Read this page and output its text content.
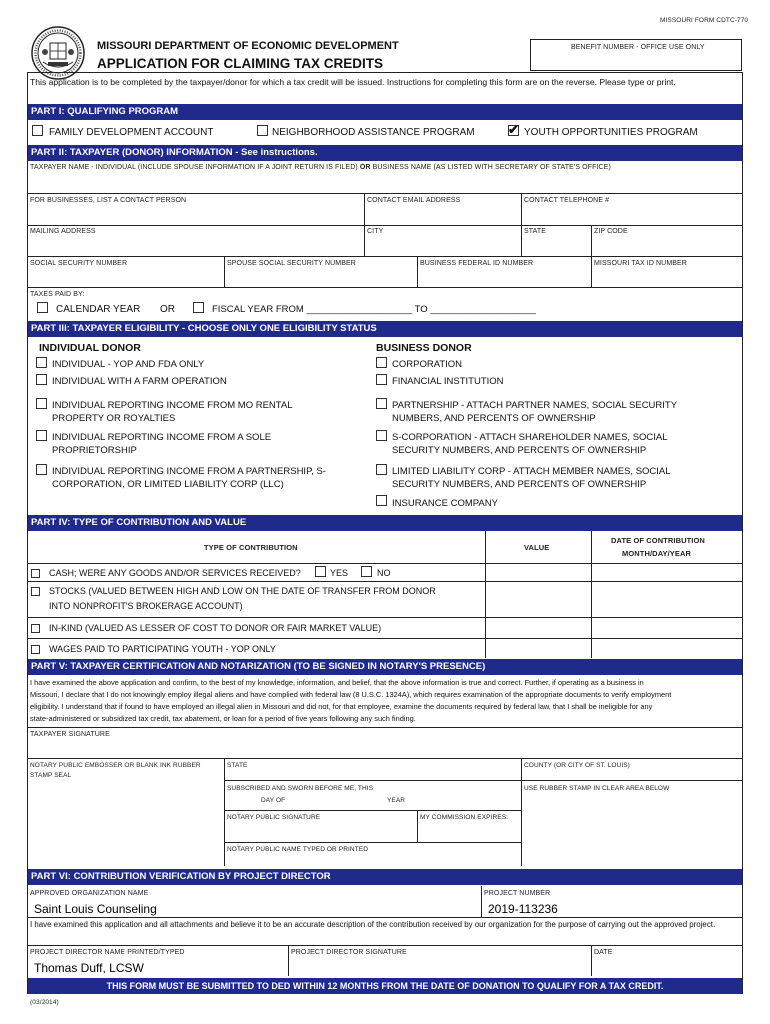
MISSOURI FORM CDTC-770
MISSOURI DEPARTMENT OF ECONOMIC DEVELOPMENT
APPLICATION FOR CLAIMING TAX CREDITS
BENEFIT NUMBER - OFFICE USE ONLY
This application is to be completed by the taxpayer/donor for which a tax credit will be issued. Instructions for completing this form are on the reverse. Please type or print.
PART I: QUALIFYING PROGRAM
FAMILY DEVELOPMENT ACCOUNT	NEIGHBORHOOD ASSISTANCE PROGRAM	✔ YOUTH OPPORTUNITIES PROGRAM
PART II: TAXPAYER (DONOR) INFORMATION - See instructions.
TAXPAYER NAME - INDIVIDUAL (INCLUDE SPOUSE INFORMATION IF A JOINT RETURN IS FILED) OR BUSINESS NAME (AS LISTED WITH SECRETARY OF STATE'S OFFICE)
FOR BUSINESSES, LIST A CONTACT PERSON	CONTACT EMAIL ADDRESS	CONTACT TELEPHONE #
MAILING ADDRESS	CITY	STATE	ZIP CODE
SOCIAL SECURITY NUMBER	SPOUSE SOCIAL SECURITY NUMBER	BUSINESS FEDERAL ID NUMBER	MISSOURI TAX ID NUMBER
TAXES PAID BY:
CALENDAR YEAR OR	FISCAL YEAR FROM ____________________ TO ____________________
PART III: TAXPAYER ELIGIBILITY - CHOOSE ONLY ONE ELIGIBILITY STATUS
INDIVIDUAL DONOR	BUSINESS DONOR
INDIVIDUAL - YOP AND FDA ONLY
INDIVIDUAL WITH A FARM OPERATION
INDIVIDUAL REPORTING INCOME FROM MO RENTAL PROPERTY OR ROYALTIES
INDIVIDUAL REPORTING INCOME FROM A SOLE PROPRIETORSHIP
INDIVIDUAL REPORTING INCOME FROM A PARTNERSHIP, S-CORPORATION, OR LIMITED LIABILITY CORP (LLC)
CORPORATION
FINANCIAL INSTITUTION
PARTNERSHIP - ATTACH PARTNER NAMES, SOCIAL SECURITY NUMBERS, AND PERCENTS OF OWNERSHIP
S-CORPORATION - ATTACH SHAREHOLDER NAMES, SOCIAL SECURITY NUMBERS, AND PERCENTS OF OWNERSHIP
LIMITED LIABILITY CORP - ATTACH MEMBER NAMES, SOCIAL SECURITY NUMBERS, AND PERCENTS OF OWNERSHIP
INSURANCE COMPANY
PART IV: TYPE OF CONTRIBUTION AND VALUE
TYPE OF CONTRIBUTION	VALUE
DATE OF CONTRIBUTION
MONTH/DAY/YEAR
CASH; WERE ANY GOODS AND/OR SERVICES RECEIVED?	YES	NO
STOCKS (VALUED BETWEEN HIGH AND LOW ON THE DATE OF TRANSFER FROM DONOR
INTO NONPROFIT'S BROKERAGE ACCOUNT)
IN-KIND (VALUED AS LESSER OF COST TO DONOR OR FAIR MARKET VALUE)
WAGES PAID TO PARTICIPATING YOUTH - YOP ONLY
PART V: TAXPAYER CERTIFICATION AND NOTARIZATION (TO BE SIGNED IN NOTARY'S PRESENCE)
I have examined the above application and confirm, to the best of my knowledge, information, and belief, that the above information is true and correct. Further, if operating as a business in
Missouri, I declare that I do not knowingly employ illegal aliens and have complied with federal law (8 U.S.C. 1324A), which requires examination of the appropriate documents to verify employment
eligibility. I understand that if found to have employed an illegal alien in Missouri and did not, for that employee, examine the documents required by federal law, that I shall be ineligible for any
state-administered or subsidized tax credit, tax abatement, or loan for a period of five years following any such finding.
TAXPAYER SIGNATURE
NOTARY PUBLIC EMBOSSER OR BLANK INK RUBBER
STAMP SEAL
STATE	COUNTY (OR CITY OF ST. LOUIS)
SUBSCRIBED AND SWORN BEFORE ME, THIS
DAY OF	YEAR
USE RUBBER STAMP IN CLEAR AREA BELOW
NOTARY PUBLIC SIGNATURE	MY COMMISSION EXPIRES:
NOTARY PUBLIC NAME TYPED OR PRINTED
PART VI: CONTRIBUTION VERIFICATION BY PROJECT DIRECTOR
APPROVED ORGANIZATION NAME
Saint Louis Counseling
PROJECT NUMBER
2019-113236
I have examined this application and all attachments and believe it to be an accurate description of the contribution received by our organization for the purpose of carrying out the approved project.
PROJECT DIRECTOR NAME PRINTED/TYPED
Thomas Duff, LCSW
PROJECT DIRECTOR SIGNATURE	DATE
THIS FORM MUST BE SUBMITTED TO DED WITHIN 12 MONTHS FROM THE DATE OF DONATION TO QUALIFY FOR A TAX CREDIT.
(03/2014)
